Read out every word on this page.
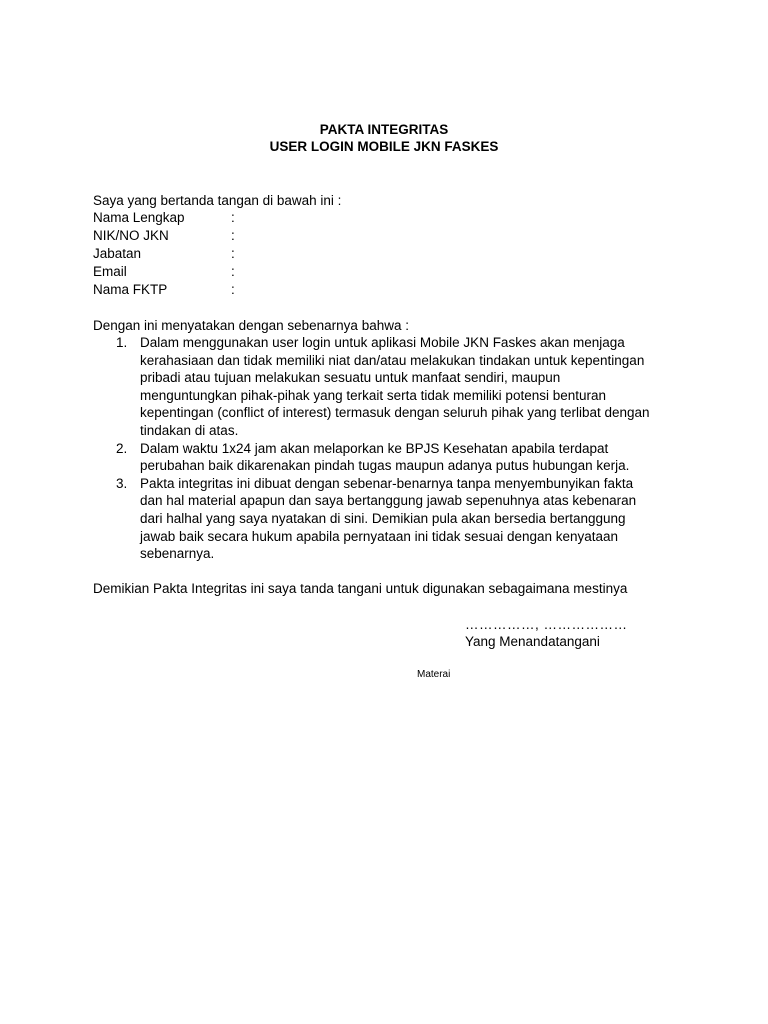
PAKTA INTEGRITAS
USER LOGIN MOBILE JKN FASKES
Saya yang bertanda tangan di bawah ini :
Nama Lengkap	:
NIK/NO JKN	:
Jabatan	:
Email	:
Nama FKTP	:
Dengan ini menyatakan dengan sebenarnya bahwa :
1. Dalam menggunakan user login untuk aplikasi Mobile JKN Faskes akan menjaga
kerahasiaan dan tidak memiliki niat dan/atau melakukan tindakan untuk kepentingan
pribadi atau tujuan melakukan sesuatu untuk manfaat sendiri, maupun
menguntungkan pihak-pihak yang terkait serta tidak memiliki potensi benturan
kepentingan (conflict of interest) termasuk dengan seluruh pihak yang terlibat dengan
tindakan di atas.
2. Dalam waktu 1x24 jam akan melaporkan ke BPJS Kesehatan apabila terdapat
perubahan baik dikarenakan pindah tugas maupun adanya putus hubungan kerja.
3. Pakta integritas ini dibuat dengan sebenar-benarnya tanpa menyembunyikan fakta
dan hal material apapun dan saya bertanggung jawab sepenuhnya atas kebenaran
dari halhal yang saya nyatakan di sini. Demikian pula akan bersedia bertanggung
jawab baik secara hukum apabila pernyataan ini tidak sesuai dengan kenyataan
sebenarnya.
Demikian Pakta Integritas ini saya tanda tangani untuk digunakan sebagaimana mestinya
……………, ………………
Yang Menandatangani
Materai
